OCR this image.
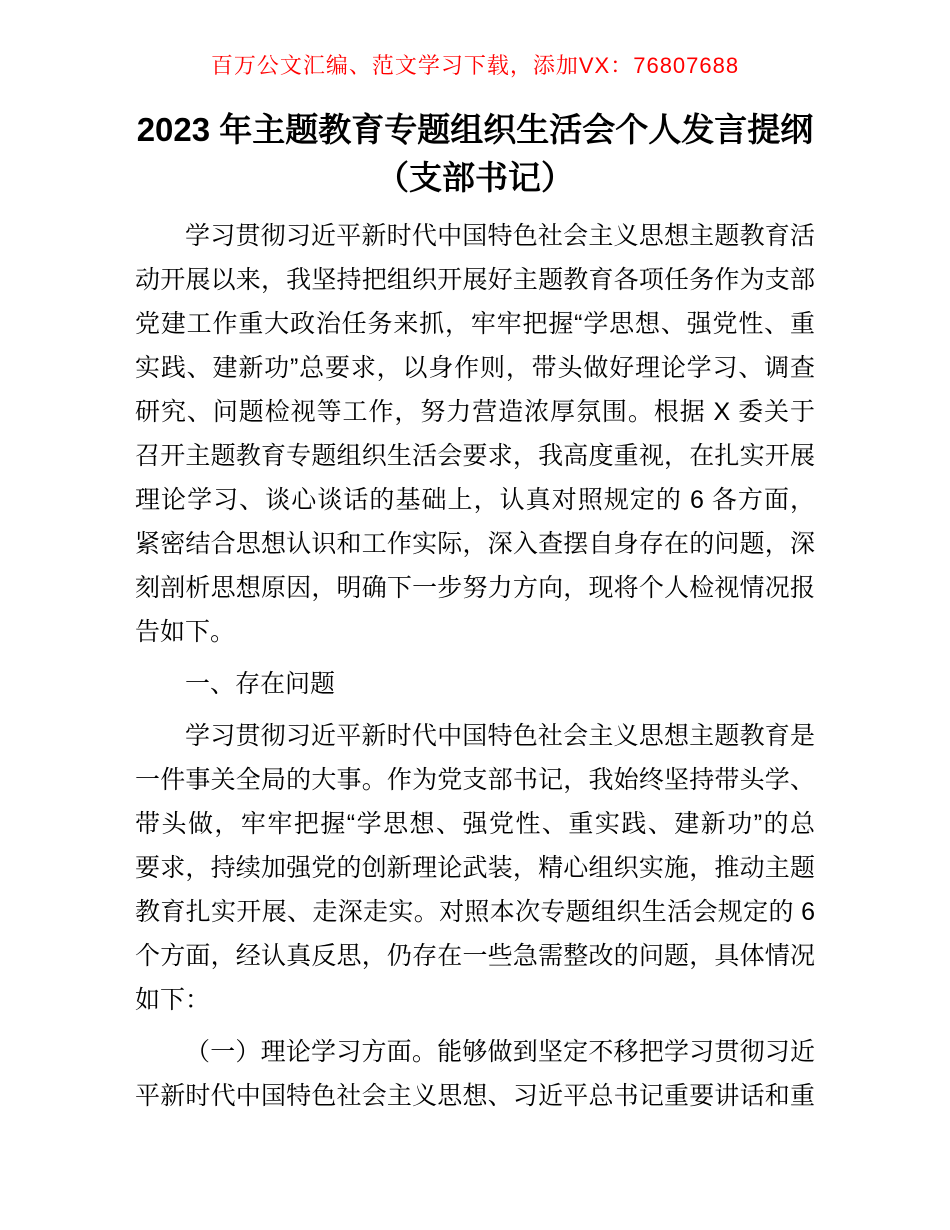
百万公文汇编、范文学习下载，添加VX：76807688
2023 年主题教育专题组织生活会个人发言提纲
（支部书记）

学习贯彻习近平新时代中国特色社会主义思想主题教育活
动开展以来，我坚持把组织开展好主题教育各项任务作为支部
党建工作重大政治任务来抓，牢牢把握“学思想、强党性、重
实践、建新功”总要求，以身作则，带头做好理论学习、调查
研究、问题检视等工作，努力营造浓厚氛围。根据 X 委关于
召开主题教育专题组织生活会要求，我高度重视，在扎实开展
理论学习、谈心谈话的基础上，认真对照规定的 6 各方面，
紧密结合思想认识和工作实际，深入查摆自身存在的问题，深
刻剖析思想原因，明确下一步努力方向，现将个人检视情况报
告如下。

一、存在问题

学习贯彻习近平新时代中国特色社会主义思想主题教育是
一件事关全局的大事。作为党支部书记，我始终坚持带头学、
带头做，牢牢把握“学思想、强党性、重实践、建新功”的总
要求，持续加强党的创新理论武装，精心组织实施，推动主题
教育扎实开展、走深走实。对照本次专题组织生活会规定的 6
个方面，经认真反思，仍存在一些急需整改的问题，具体情况
如下：

（一）理论学习方面。能够做到坚定不移把学习贯彻习近
平新时代中国特色社会主义思想、习近平总书记重要讲话和重
